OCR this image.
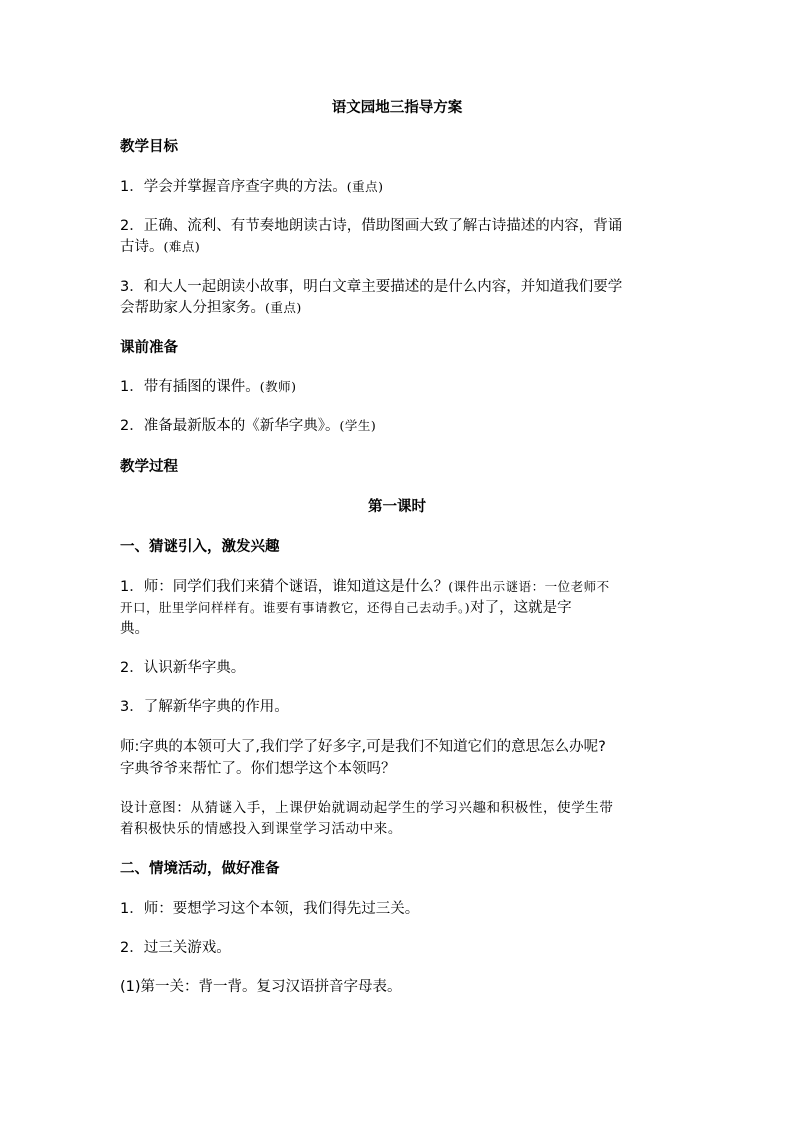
语文园地三指导方案
教学目标
1．学会并掌握音序查字典的方法。(重点)
2．正确、流利、有节奏地朗读古诗，借助图画大致了解古诗描述的内容，背诵
古诗。(难点)
3．和大人一起朗读小故事，明白文章主要描述的是什么内容，并知道我们要学
会帮助家人分担家务。(重点)
课前准备
1．带有插图的课件。(教师)
2．准备最新版本的《新华字典》。(学生)
教学过程
第一课时
一、猜谜引入，激发兴趣
1．师：同学们我们来猜个谜语，谁知道这是什么？(课件出示谜语：一位老师不
开口，肚里学问样样有。谁要有事请教它，还得自己去动手。)对了，这就是字
典。
2．认识新华字典。
3．了解新华字典的作用。
师:字典的本领可大了,我们学了好多字,可是我们不知道它们的意思怎么办呢?
字典爷爷来帮忙了。你们想学这个本领吗？
设计意图：从猜谜入手，上课伊始就调动起学生的学习兴趣和积极性，使学生带
着积极快乐的情感投入到课堂学习活动中来。
二、情境活动，做好准备
1．师：要想学习这个本领，我们得先过三关。
2．过三关游戏。
(1)第一关：背一背。复习汉语拼音字母表。
